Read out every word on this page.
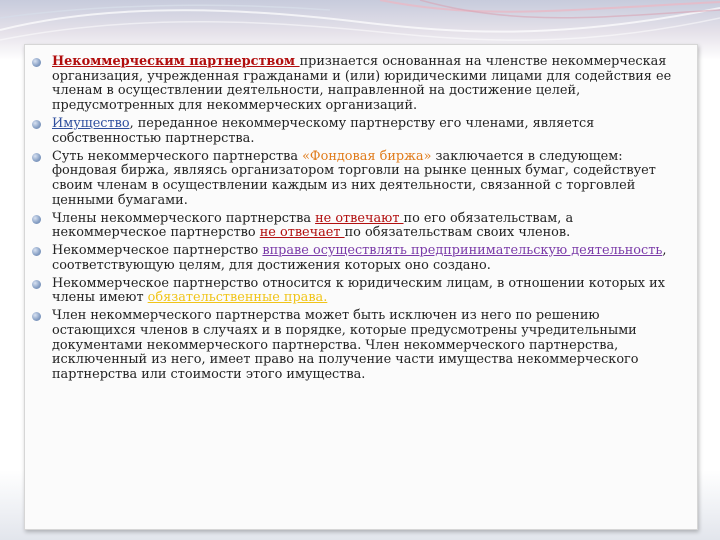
Некоммерческим партнерством признается основанная на членстве некоммерческая организация, учрежденная гражданами и (или) юридическими лицами для содействия ее членам в осуществлении деятельности, направленной на достижение целей, предусмотренных для некоммерческих организаций.
Имущество, переданное некоммерческому партнерству его членами, является собственностью партнерства.
Суть некоммерческого партнерства «Фондовая биржа» заключается в следующем: фондовая биржа, являясь организатором торговли на рынке ценных бумаг, содействует своим членам в осуществлении каждым из них деятельности, связанной с торговлей ценными бумагами.
Члены некоммерческого партнерства не отвечают по его обязательствам, а некоммерческое партнерство не отвечает по обязательствам своих членов.
Некоммерческое партнерство вправе осуществлять предпринимательскую деятельность, соответствующую целям, для достижения которых оно создано.
Некоммерческое партнерство относится к юридическим лицам, в отношении которых их члены имеют обязательственные права.
Член некоммерческого партнерства может быть исключен из него по решению остающихся членов в случаях и в порядке, которые предусмотрены учредительными документами некоммерческого партнерства. Член некоммерческого партнерства, исключенный из него, имеет право на получение части имущества некоммерческого партнерства или стоимости этого имущества.
